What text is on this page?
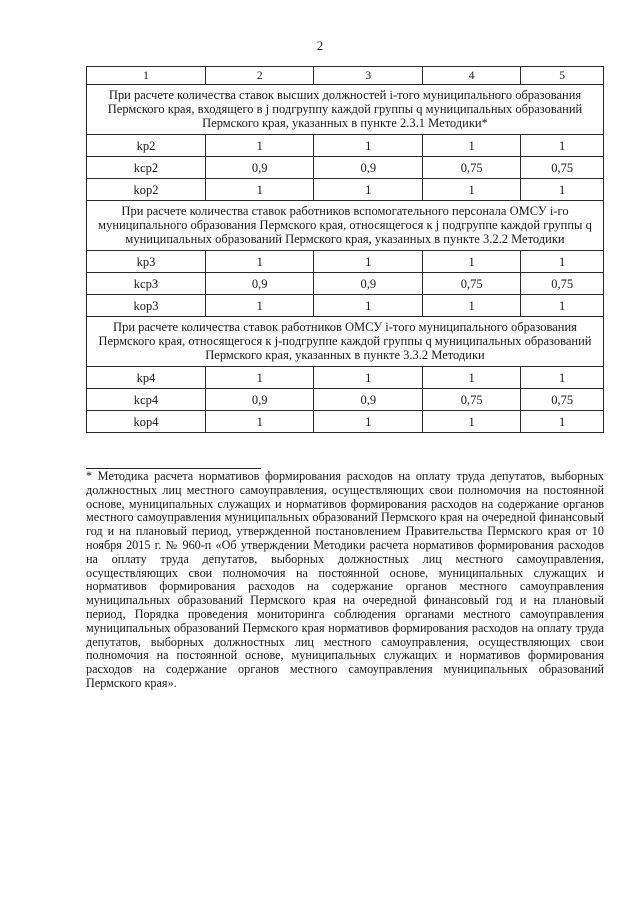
2
1	2	3	4	5
При расчете количества ставок высших должностей i-того муниципального образования Пермского края, входящего в j подгруппу каждой группы q муниципальных образований Пермского края, указанных в пункте 2.3.1 Методики*				
kp2	1	1	1	1
kcp2	0,9	0,9	0,75	0,75
kop2	1	1	1	1
При расчете количества ставок работников вспомогательного персонала ОМСУ i-го муниципального образования Пермского края, относящегося к j подгруппе каждой группы q муниципальных образований Пермского края, указанных в пункте 3.2.2 Методики				
kp3	1	1	1	1
kcp3	0,9	0,9	0,75	0,75
kop3	1	1	1	1
При расчете количества ставок работников ОМСУ i-того муниципального образования Пермского края, относящегося к j-подгруппе каждой группы q муниципальных образований Пермского края, указанных в пункте 3.3.2 Методики				
kp4	1	1	1	1
kcp4	0,9	0,9	0,75	0,75
kop4	1	1	1	1
* Методика расчета нормативов формирования расходов на оплату труда депутатов, выборных должностных лиц местного самоуправления, осуществляющих свои полномочия на постоянной основе, муниципальных служащих и нормативов формирования расходов на содержание органов местного самоуправления муниципальных образований Пермского края на очередной финансовый год и на плановый период, утвержденной постановлением Правительства Пермского края от 10 ноября 2015 г. № 960-п «Об утверждении Методики расчета нормативов формирования расходов на оплату труда депутатов, выборных должностных лиц местного самоуправления, осуществляющих свои полномочия на постоянной основе, муниципальных служащих и нормативов формирования расходов на содержание органов местного самоуправления муниципальных образований Пермского края на очередной финансовый год и на плановый период, Порядка проведения мониторинга соблюдения органами местного самоуправления муниципальных образований Пермского края нормативов формирования расходов на оплату труда депутатов, выборных должностных лиц местного самоуправления, осуществляющих свои полномочия на постоянной основе, муниципальных служащих и нормативов формирования расходов на содержание органов местного самоуправления муниципальных образований Пермского края».
